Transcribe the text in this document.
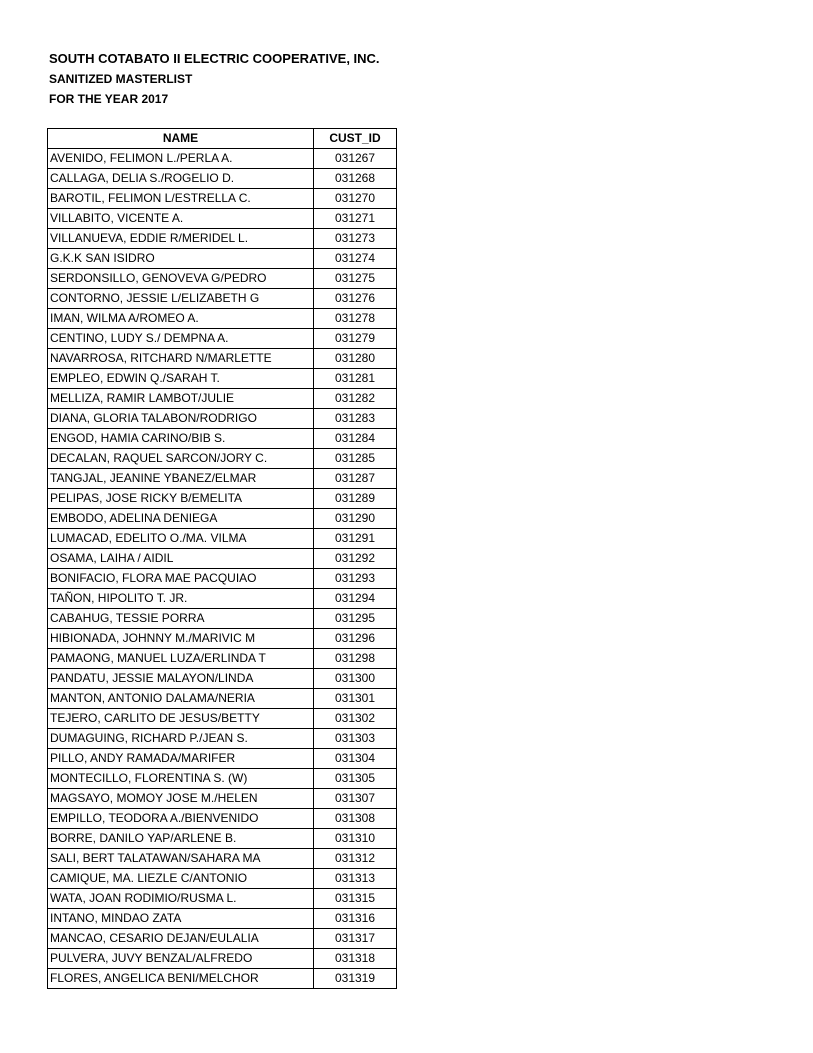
SOUTH COTABATO II ELECTRIC COOPERATIVE, INC.
SANITIZED MASTERLIST
FOR THE YEAR 2017
NAME	CUST_ID
AVENIDO, FELIMON L./PERLA A.	031267
CALLAGA, DELIA S./ROGELIO D.	031268
BAROTIL, FELIMON L/ESTRELLA C.	031270
VILLABITO, VICENTE A.	031271
VILLANUEVA, EDDIE R/MERIDEL L.	031273
G.K.K SAN ISIDRO	031274
SERDONSILLO, GENOVEVA G/PEDRO	031275
CONTORNO, JESSIE L/ELIZABETH G	031276
IMAN, WILMA A/ROMEO A.	031278
CENTINO, LUDY S./ DEMPNA A.	031279
NAVARROSA, RITCHARD N/MARLETTE	031280
EMPLEO, EDWIN Q./SARAH T.	031281
MELLIZA, RAMIR LAMBOT/JULIE	031282
DIANA, GLORIA TALABON/RODRIGO	031283
ENGOD, HAMIA CARINO/BIB S.	031284
DECALAN, RAQUEL SARCON/JORY C.	031285
TANGJAL, JEANINE YBANEZ/ELMAR	031287
PELIPAS, JOSE RICKY B/EMELITA	031289
EMBODO, ADELINA DENIEGA	031290
LUMACAD, EDELITO O./MA. VILMA	031291
OSAMA, LAIHA / AIDIL	031292
BONIFACIO, FLORA MAE PACQUIAO	031293
TAÑON, HIPOLITO T. JR.	031294
CABAHUG, TESSIE PORRA	031295
HIBIONADA, JOHNNY M./MARIVIC M	031296
PAMAONG, MANUEL LUZA/ERLINDA T	031298
PANDATU, JESSIE MALAYON/LINDA	031300
MANTON, ANTONIO DALAMA/NERIA	031301
TEJERO, CARLITO DE JESUS/BETTY	031302
DUMAGUING, RICHARD P./JEAN S.	031303
PILLO, ANDY RAMADA/MARIFER	031304
MONTECILLO, FLORENTINA S. (W)	031305
MAGSAYO, MOMOY JOSE M./HELEN	031307
EMPILLO, TEODORA A./BIENVENIDO	031308
BORRE, DANILO YAP/ARLENE B.	031310
SALI, BERT TALATAWAN/SAHARA MA	031312
CAMIQUE, MA. LIEZLE C/ANTONIO	031313
WATA, JOAN RODIMIO/RUSMA L.	031315
INTANO, MINDAO ZATA	031316
MANCAO, CESARIO DEJAN/EULALIA	031317
PULVERA, JUVY BENZAL/ALFREDO	031318
FLORES, ANGELICA BENI/MELCHOR	031319
